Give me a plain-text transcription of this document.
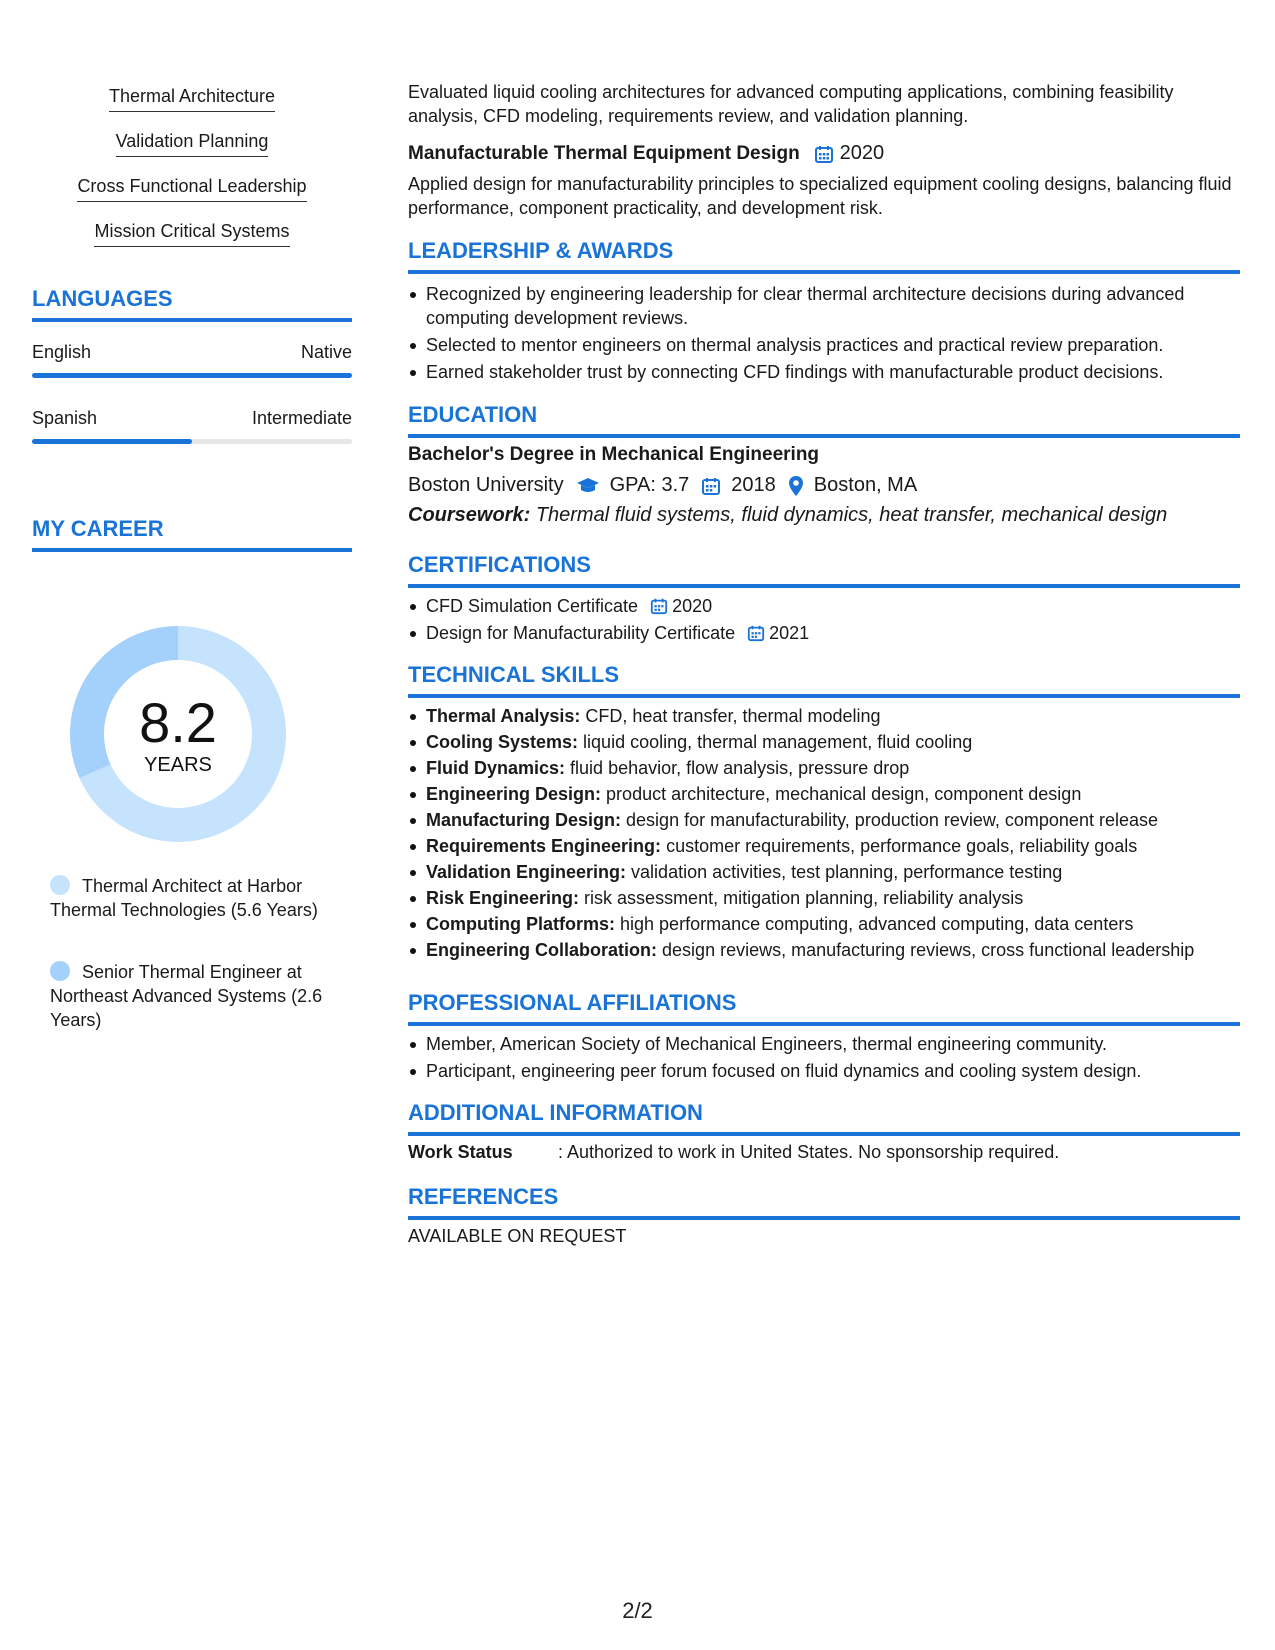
Thermal Architecture
Validation Planning
Cross Functional Leadership
Mission Critical Systems
LANGUAGES
English	Native
Spanish	Intermediate
MY CAREER
8.2
YEARS
Thermal Architect at Harbor Thermal Technologies (5.6 Years)
Senior Thermal Engineer at Northeast Advanced Systems (2.6 Years)
Evaluated liquid cooling architectures for advanced computing applications, combining feasibility analysis, CFD modeling, requirements review, and validation planning.
Manufacturable Thermal Equipment Design 2020
Applied design for manufacturability principles to specialized equipment cooling designs, balancing fluid performance, component practicality, and development risk.
LEADERSHIP & AWARDS
Recognized by engineering leadership for clear thermal architecture decisions during advanced computing development reviews.
Selected to mentor engineers on thermal analysis practices and practical review preparation.
Earned stakeholder trust by connecting CFD findings with manufacturable product decisions.
EDUCATION
Bachelor's Degree in Mechanical Engineering
Boston University GPA: 3.7 2018 Boston, MA
Coursework: Thermal fluid systems, fluid dynamics, heat transfer, mechanical design
CERTIFICATIONS
CFD Simulation Certificate 2020
Design for Manufacturability Certificate 2021
TECHNICAL SKILLS
Thermal Analysis: CFD, heat transfer, thermal modeling
Cooling Systems: liquid cooling, thermal management, fluid cooling
Fluid Dynamics: fluid behavior, flow analysis, pressure drop
Engineering Design: product architecture, mechanical design, component design
Manufacturing Design: design for manufacturability, production review, component release
Requirements Engineering: customer requirements, performance goals, reliability goals
Validation Engineering: validation activities, test planning, performance testing
Risk Engineering: risk assessment, mitigation planning, reliability analysis
Computing Platforms: high performance computing, advanced computing, data centers
Engineering Collaboration: design reviews, manufacturing reviews, cross functional leadership
PROFESSIONAL AFFILIATIONS
Member, American Society of Mechanical Engineers, thermal engineering community.
Participant, engineering peer forum focused on fluid dynamics and cooling system design.
ADDITIONAL INFORMATION
Work Status	: Authorized to work in United States. No sponsorship required.
REFERENCES
AVAILABLE ON REQUEST
2/2
